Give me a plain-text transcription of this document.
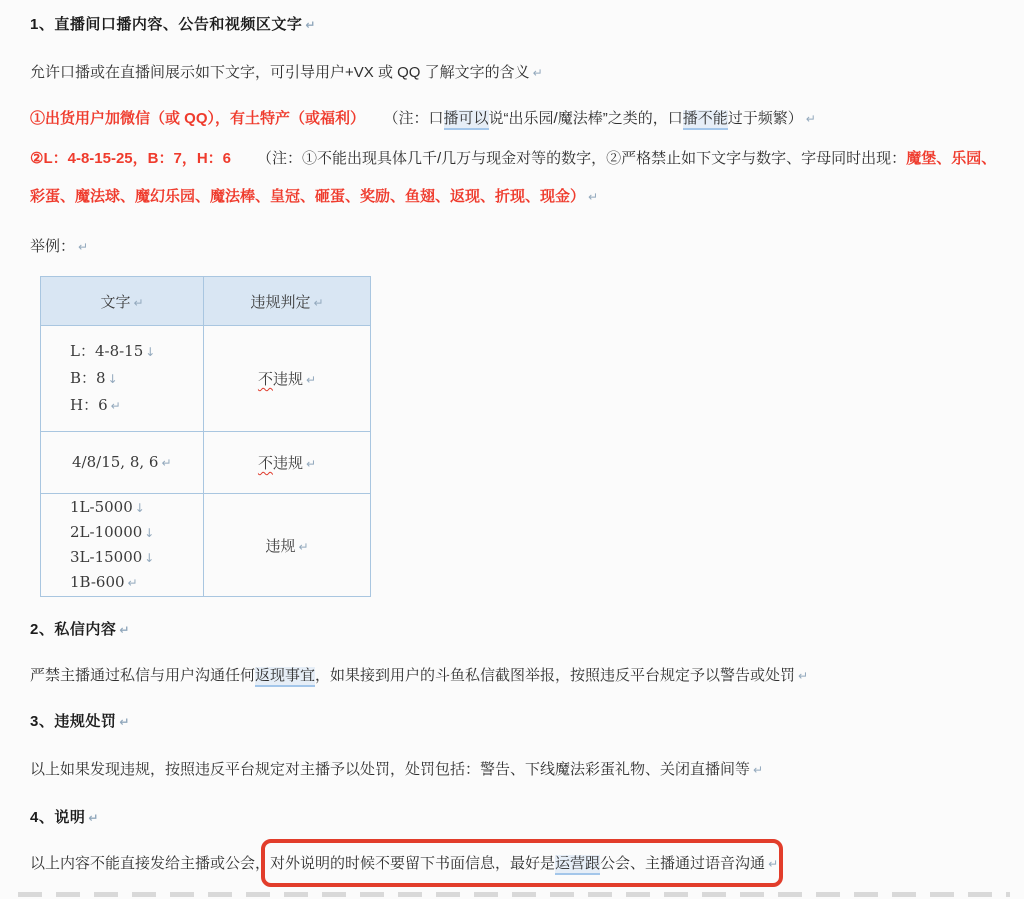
1、直播间口播内容、公告和视频区文字 ↵
允许口播或在直播间展示如下文字，可引导用户+VX 或 QQ 了解文字的含义 ↵
①出货用户加微信（或 QQ），有土特产（或福利） （注：口播可以说“出乐园/魔法棒”之类的，口播不能过于频繁） ↵
②L：4-8-15-25，B：7，H：6 （注：①不能出现具体几千/几万与现金对等的数字，②严格禁止如下文字与数字、字母同时出现：魔堡、乐园、
彩蛋、魔法球、魔幻乐园、魔法棒、皇冠、砸蛋、奖励、鱼翅、返现、折现、现金） ↵
举例： ↵
文字 ↵	违规判定 ↵

L：4-8-15 ↓
B：8 ↓
H：6 ↵	不违规 ↵

4/8/15, 8, 6 ↵	不违规 ↵

1L-5000 ↓
2L-10000 ↓
3L-15000 ↓
1B-600 ↵	违规 ↵
2、私信内容 ↵
严禁主播通过私信与用户沟通任何返现事宜，如果接到用户的斗鱼私信截图举报，按照违反平台规定予以警告或处罚 ↵
3、违规处罚 ↵
以上如果发现违规，按照违反平台规定对主播予以处罚，处罚包括：警告、下线魔法彩蛋礼物、关闭直播间等 ↵
4、说明 ↵
以上内容不能直接发给主播或公会，对外说明的时候不要留下书面信息，最好是运营跟公会、主播通过语音沟通 ↵
